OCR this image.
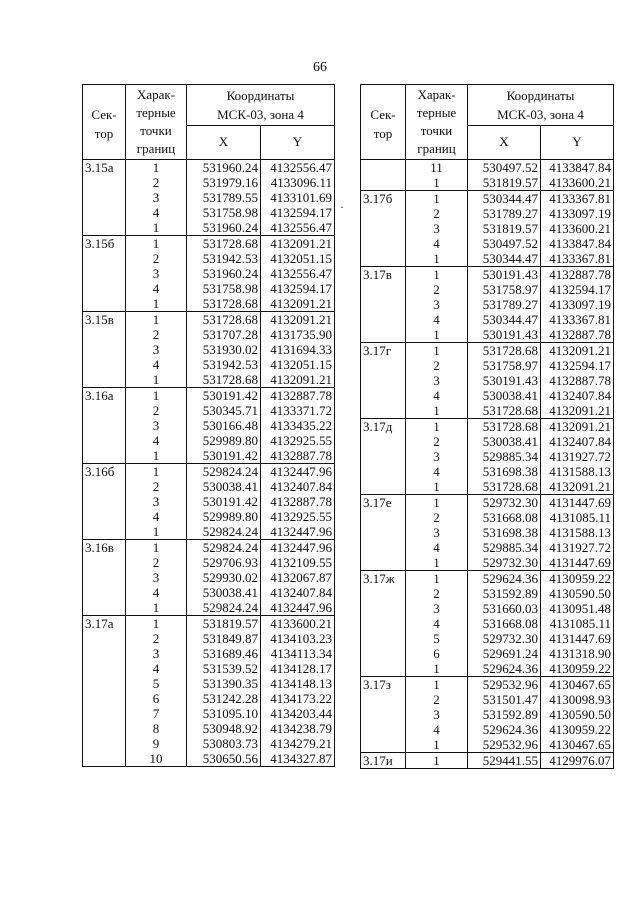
66
·
Сек-
тор	Харак-
терные
точки
границ	Координаты
МСК-03, зона 4	
		X	Y
3.15а	1	531960.24	4132556.47
	2	531979.16	4133096.11
	3	531789.55	4133101.69
	4	531758.98	4132594.17
	1	531960.24	4132556.47
3.15б	1	531728.68	4132091.21
	2	531942.53	4132051.15
	3	531960.24	4132556.47
	4	531758.98	4132594.17
	1	531728.68	4132091.21
3.15в	1	531728.68	4132091.21
	2	531707.28	4131735.90
	3	531930.02	4131694.33
	4	531942.53	4132051.15
	1	531728.68	4132091.21
3.16а	1	530191.42	4132887.78
	2	530345.71	4133371.72
	3	530166.48	4133435.22
	4	529989.80	4132925.55
	1	530191.42	4132887.78
3.16б	1	529824.24	4132447.96
	2	530038.41	4132407.84
	3	530191.42	4132887.78
	4	529989.80	4132925.55
	1	529824.24	4132447.96
3.16в	1	529824.24	4132447.96
	2	529706.93	4132109.55
	3	529930.02	4132067.87
	4	530038.41	4132407.84
	1	529824.24	4132447.96
3.17а	1	531819.57	4133600.21
	2	531849.87	4134103.23
	3	531689.46	4134113.34
	4	531539.52	4134128.17
	5	531390.35	4134148.13
	6	531242.28	4134173.22
	7	531095.10	4134203.44
	8	530948.92	4134238.79
	9	530803.73	4134279.21
	10	530650.56	4134327.87
Сек-
тор	Харак-
терные
точки
границ	Координаты
МСК-03, зона 4	
		X	Y
	11	530497.52	4133847.84
	1	531819.57	4133600.21
3.17б	1	530344.47	4133367.81
	2	531789.27	4133097.19
	3	531819.57	4133600.21
	4	530497.52	4133847.84
	1	530344.47	4133367.81
3.17в	1	530191.43	4132887.78
	2	531758.97	4132594.17
	3	531789.27	4133097.19
	4	530344.47	4133367.81
	1	530191.43	4132887.78
3.17г	1	531728.68	4132091.21
	2	531758.97	4132594.17
	3	530191.43	4132887.78
	4	530038.41	4132407.84
	1	531728.68	4132091.21
3.17д	1	531728.68	4132091.21
	2	530038.41	4132407.84
	3	529885.34	4131927.72
	4	531698.38	4131588.13
	1	531728.68	4132091.21
3.17е	1	529732.30	4131447.69
	2	531668.08	4131085.11
	3	531698.38	4131588.13
	4	529885.34	4131927.72
	1	529732.30	4131447.69
3.17ж	1	529624.36	4130959.22
	2	531592.89	4130590.50
	3	531660.03	4130951.48
	4	531668.08	4131085.11
	5	529732.30	4131447.69
	6	529691.24	4131318.90
	1	529624.36	4130959.22
3.17з	1	529532.96	4130467.65
	2	531501.47	4130098.93
	3	531592.89	4130590.50
	4	529624.36	4130959.22
	1	529532.96	4130467.65
3.17и	1	529441.55	4129976.07
